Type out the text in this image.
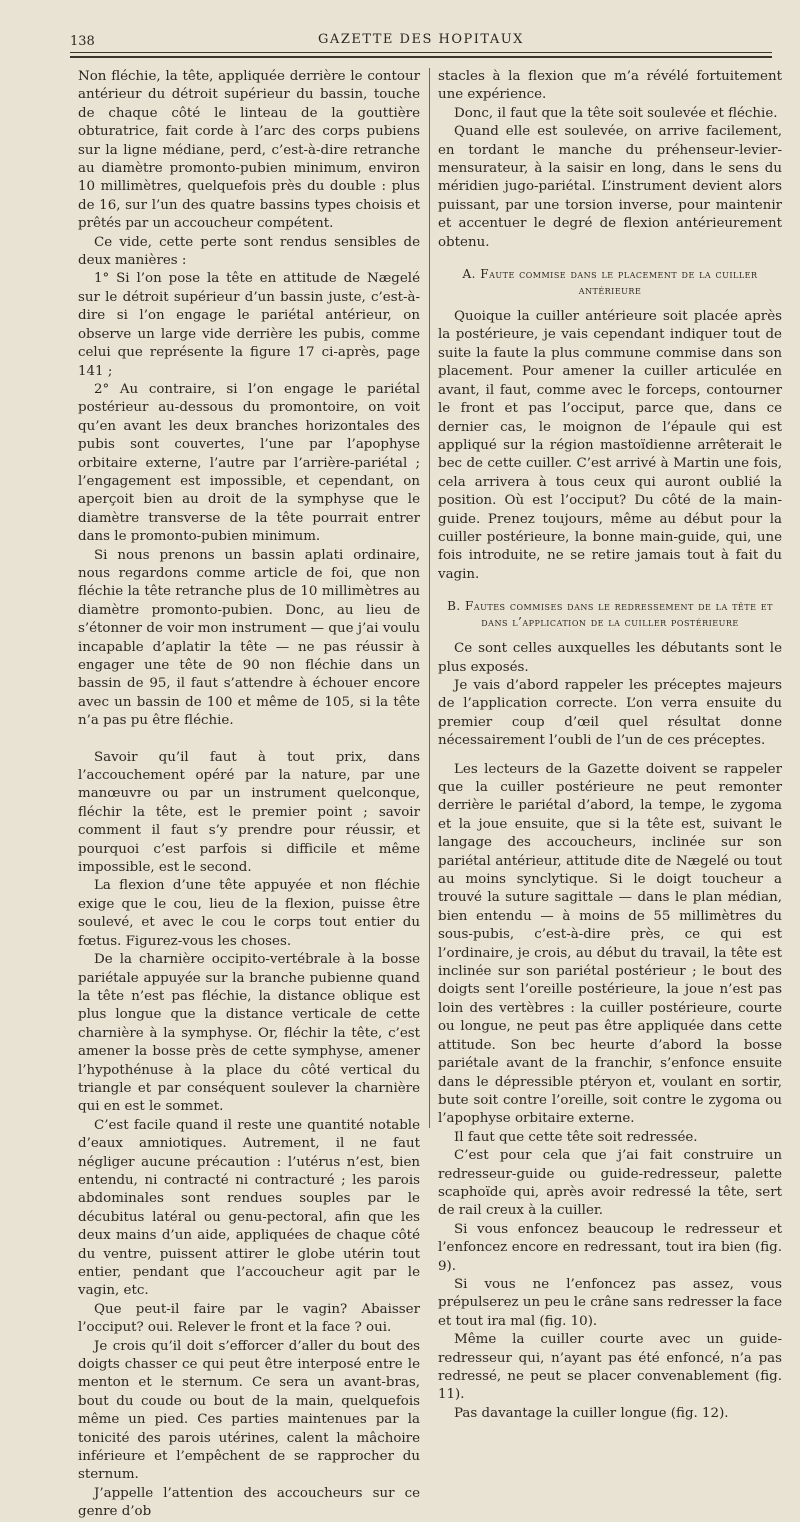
138	GAZETTE DES HOPITAUX

Non fléchie, la tête, appliquée derrière le contour antérieur du détroit supérieur du bassin, touche de chaque côté le linteau de la gouttière obturatrice, fait corde à l’arc des corps pubiens sur la ligne médiane, perd, c’est-à-dire retranche au diamètre promonto-pubien minimum, environ 10 millimètres, quelquefois près du double : plus de 16, sur l’un des quatre bassins types choisis et prêtés par un accoucheur compétent.

Ce vide, cette perte sont rendus sensibles de deux manières :

1° Si l’on pose la tête en attitude de Nægelé sur le détroit supérieur d’un bassin juste, c’est-à-dire si l’on engage le pariétal antérieur, on observe un large vide derrière les pubis, comme celui que représente la figure 17 ci-après, page 141 ;

2° Au contraire, si l’on engage le pariétal postérieur au-dessous du promontoire, on voit qu’en avant les deux branches horizontales des pubis sont couvertes, l’une par l’apophyse orbitaire externe, l’autre par l’arrière-pariétal ; l’engagement est impossible, et cependant, on aperçoit bien au droit de la symphyse que le diamètre transverse de la tête pourrait entrer dans le promonto-pubien minimum.

Si nous prenons un bassin aplati ordinaire, nous regardons comme article de foi, que non fléchie la tête retranche plus de 10 millimètres au diamètre promonto-pubien. Donc, au lieu de s’étonner de voir mon instrument — que j’ai voulu incapable d’aplatir la tête — ne pas réussir à engager une tête de 90 non fléchie dans un bassin de 95, il faut s’attendre à échouer encore avec un bassin de 100 et même de 105, si la tête n’a pas pu être fléchie.

Savoir qu’il faut à tout prix, dans l’accouchement opéré par la nature, par une manœuvre ou par un instrument quelconque, fléchir la tête, est le premier point ; savoir comment il faut s’y prendre pour réussir, et pourquoi c’est parfois si difficile et même impossible, est le second.

La flexion d’une tête appuyée et non fléchie exige que le cou, lieu de la flexion, puisse être soulevé, et avec le cou le corps tout entier du fœtus. Figurez-vous les choses.

De la charnière occipito-vertébrale à la bosse pariétale appuyée sur la branche pubienne quand la tête n’est pas fléchie, la distance oblique est plus longue que la distance verticale de cette charnière à la symphyse. Or, fléchir la tête, c’est amener la bosse près de cette symphyse, amener l’hypothénuse à la place du côté vertical du triangle et par conséquent soulever la charnière qui en est le sommet.

C’est facile quand il reste une quantité notable d’eaux amniotiques. Autrement, il ne faut négliger aucune précaution : l’utérus n’est, bien entendu, ni contracté ni contracturé ; les parois abdominales sont rendues souples par le décubitus latéral ou genu-pectoral, afin que les deux mains d’un aide, appliquées de chaque côté du ventre, puissent attirer le globe utérin tout entier, pendant que l’accoucheur agit par le vagin, etc.

Que peut-il faire par le vagin? Abaisser l’occiput? oui. Relever le front et la face ? oui.

Je crois qu’il doit s’efforcer d’aller du bout des doigts chasser ce qui peut être interposé entre le menton et le sternum. Ce sera un avant-bras, bout du coude ou bout de la main, quelquefois même un pied. Ces parties maintenues par la tonicité des parois utérines, calent la mâchoire inférieure et l’empêchent de se rapprocher du sternum.

J’appelle l’attention des accoucheurs sur ce genre d’ob

stacles à la flexion que m’a révélé fortuitement une expérience.

Donc, il faut que la tête soit soulevée et fléchie.

Quand elle est soulevée, on arrive facilement, en tordant le manche du préhenseur-levier-mensurateur, à la saisir en long, dans le sens du méridien jugo-pariétal. L’instrument devient alors puissant, par une torsion inverse, pour maintenir et accentuer le degré de flexion antérieurement obtenu.

A. Faute commise dans le placement de la cuiller antérieure

Quoique la cuiller antérieure soit placée après la postérieure, je vais cependant indiquer tout de suite la faute la plus commune commise dans son placement. Pour amener la cuiller articulée en avant, il faut, comme avec le forceps, contourner le front et pas l’occiput, parce que, dans ce dernier cas, le moignon de l’épaule qui est appliqué sur la région mastoïdienne arrêterait le bec de cette cuiller. C’est arrivé à Martin une fois, cela arrivera à tous ceux qui auront oublié la position. Où est l’occiput? Du côté de la main-guide. Prenez toujours, même au début pour la cuiller postérieure, la bonne main-guide, qui, une fois introduite, ne se retire jamais tout à fait du vagin.

B. Fautes commises dans le redressement de la tête et dans l’application de la cuiller postérieure

Ce sont celles auxquelles les débutants sont le plus exposés.

Je vais d’abord rappeler les préceptes majeurs de l’application correcte. L’on verra ensuite du premier coup d’œil quel résultat donne nécessairement l’oubli de l’un de ces préceptes.

Les lecteurs de la Gazette doivent se rappeler que la cuiller postérieure ne peut remonter derrière le pariétal d’abord, la tempe, le zygoma et la joue ensuite, que si la tête est, suivant le langage des accoucheurs, inclinée sur son pariétal antérieur, attitude dite de Nægelé ou tout au moins synclytique. Si le doigt toucheur a trouvé la suture sagittale — dans le plan médian, bien entendu — à moins de 55 millimètres du sous-pubis, c’est-à-dire près, ce qui est l’ordinaire, je crois, au début du travail, la tête est inclinée sur son pariétal postérieur ; le bout des doigts sent l’oreille postérieure, la joue n’est pas loin des vertèbres : la cuiller postérieure, courte ou longue, ne peut pas être appliquée dans cette attitude. Son bec heurte d’abord la bosse pariétale avant de la franchir, s’enfonce ensuite dans le dépressible ptéryon et, voulant en sortir, bute soit contre l’oreille, soit contre le zygoma ou l’apophyse orbitaire externe.

Il faut que cette tête soit redressée.

C’est pour cela que j’ai fait construire un redresseur-guide ou guide-redresseur, palette scaphoïde qui, après avoir redressé la tête, sert de rail creux à la cuiller.

Si vous enfoncez beaucoup le redresseur et l’enfoncez encore en redressant, tout ira bien (fig. 9).

Si vous ne l’enfoncez pas assez, vous prépulserez un peu le crâne sans redresser la face et tout ira mal (fig. 10).

Même la cuiller courte avec un guide-redresseur qui, n’ayant pas été enfoncé, n’a pas redressé, ne peut se placer convenablement (fig. 11).

Pas davantage la cuiller longue (fig. 12).
